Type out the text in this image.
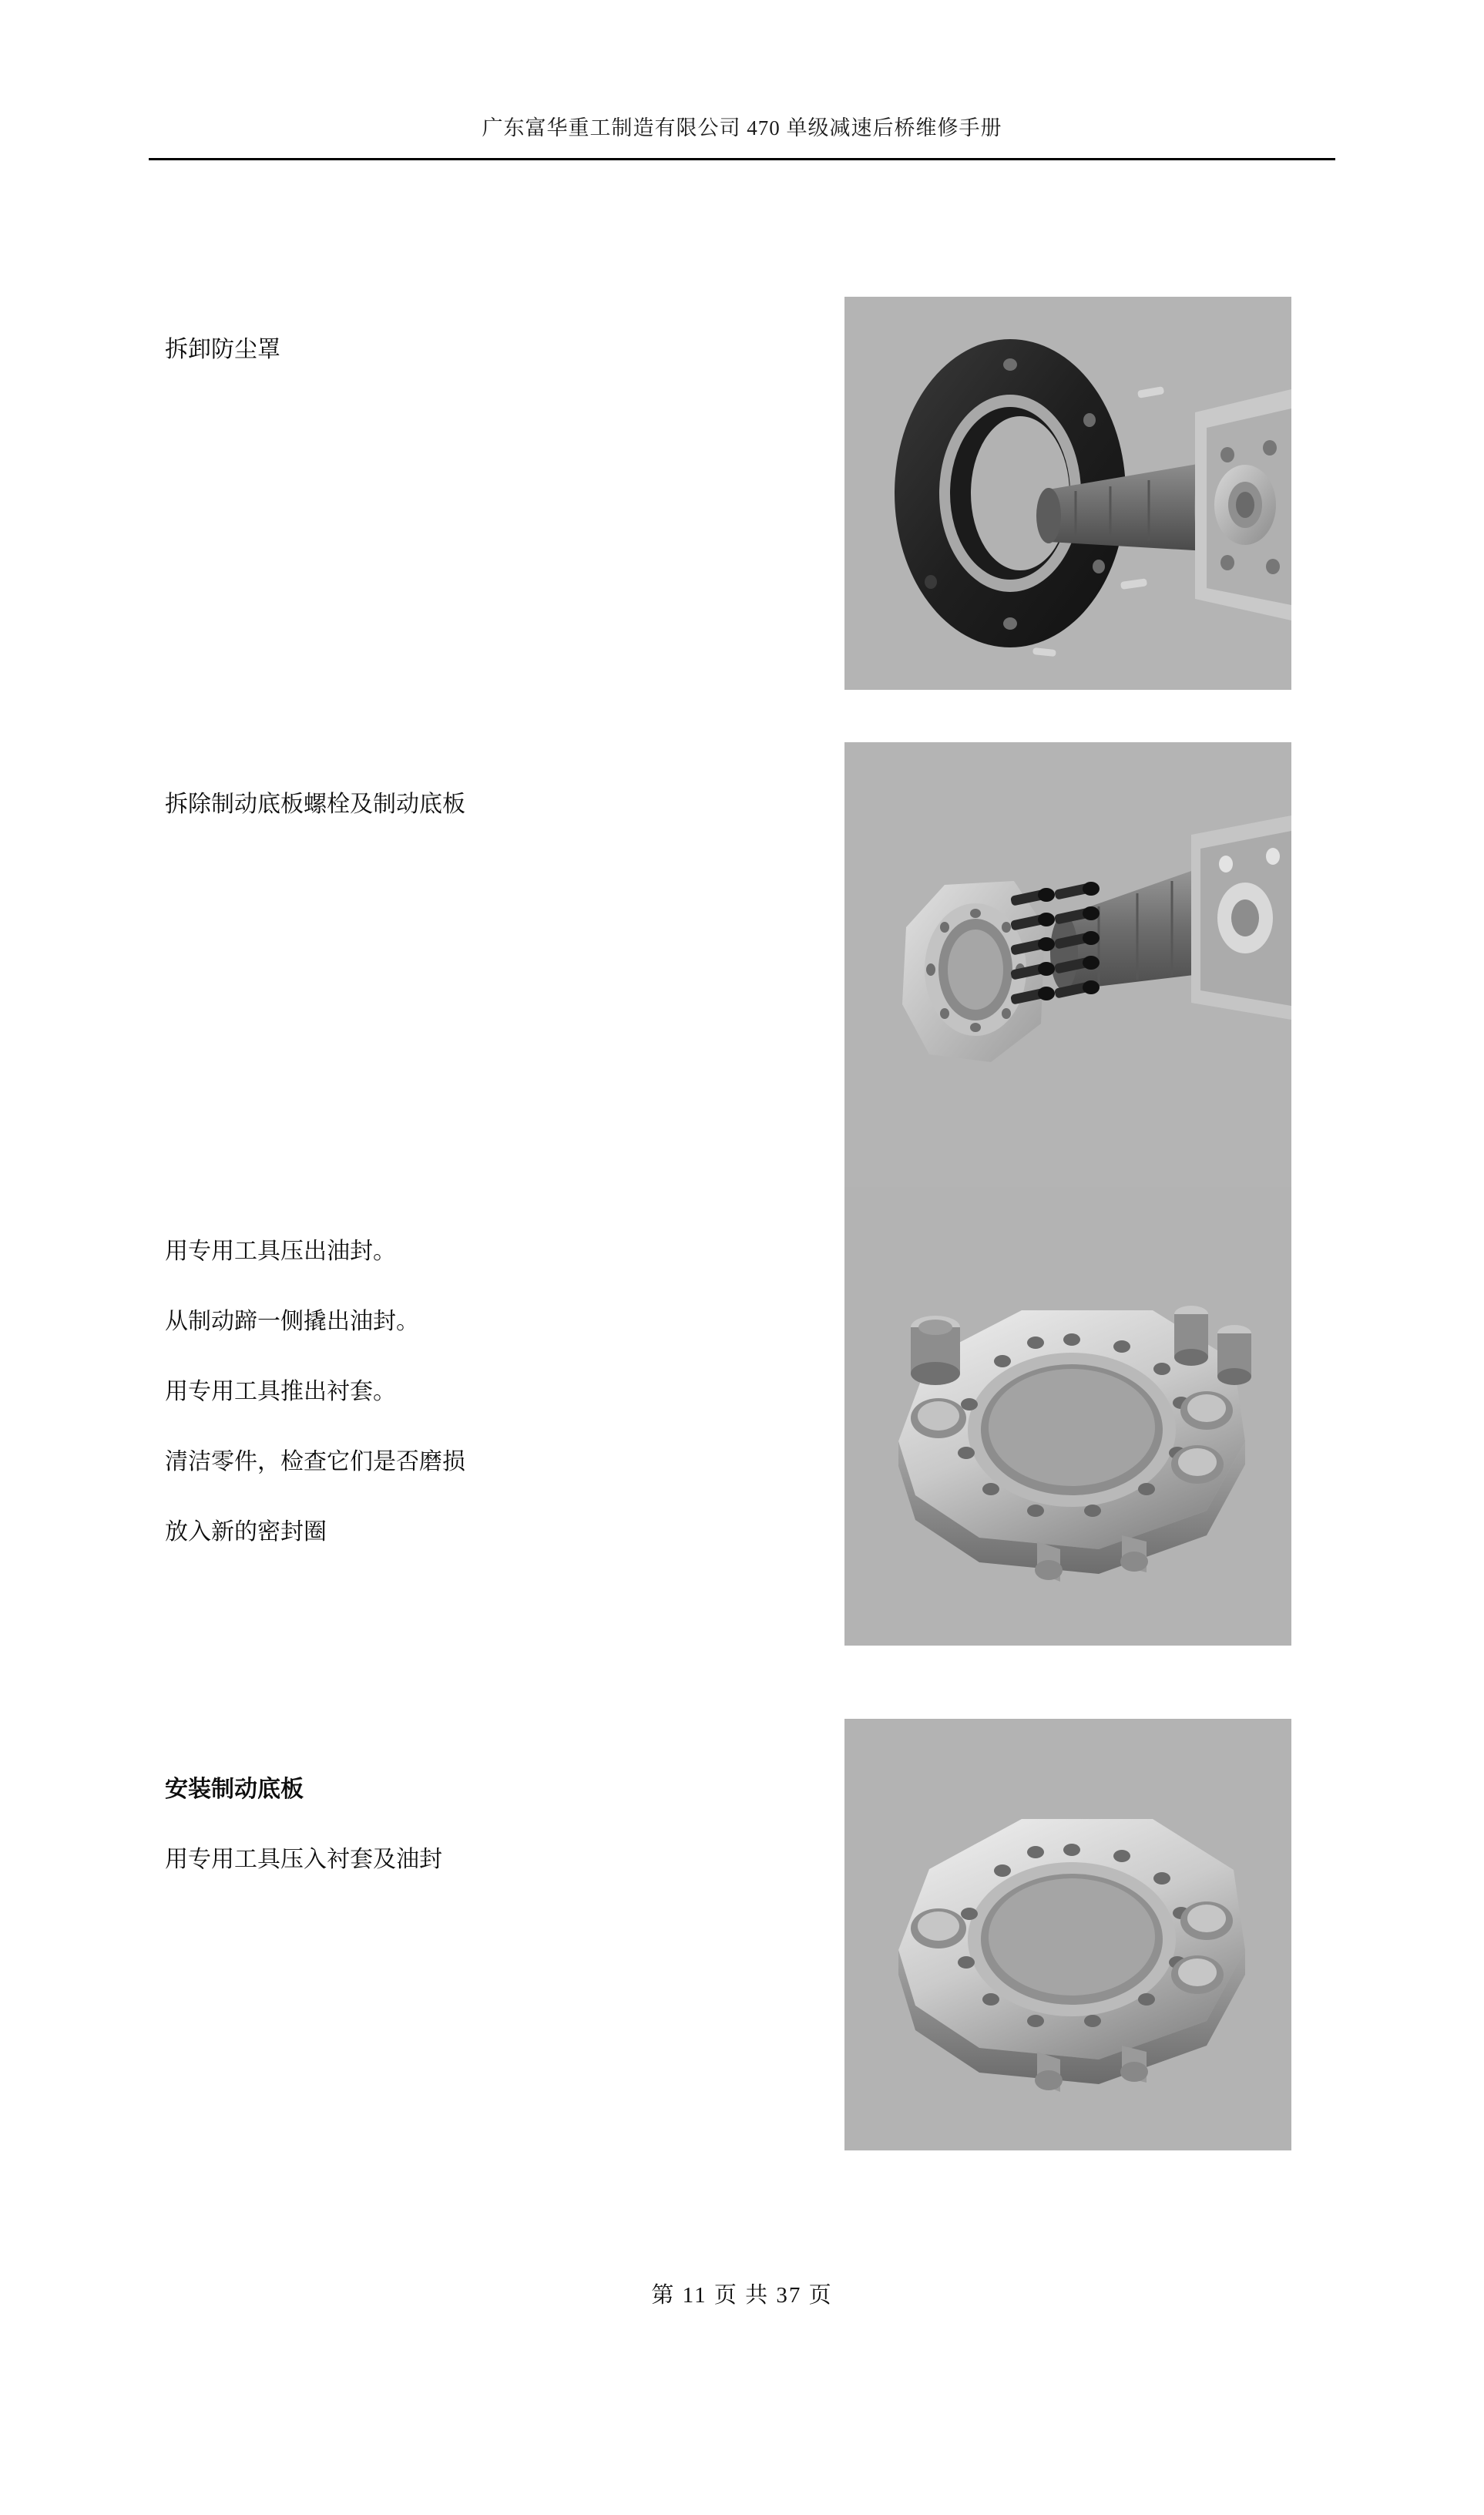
广东富华重工制造有限公司 470 单级减速后桥维修手册

拆卸防尘罩

拆除制动底板螺栓及制动底板

用专用工具压出油封。

从制动蹄一侧撬出油封。

用专用工具推出衬套。

清洁零件，检查它们是否磨损

放入新的密封圈

安装制动底板

用专用工具压入衬套及油封

第 11 页 共 37 页
